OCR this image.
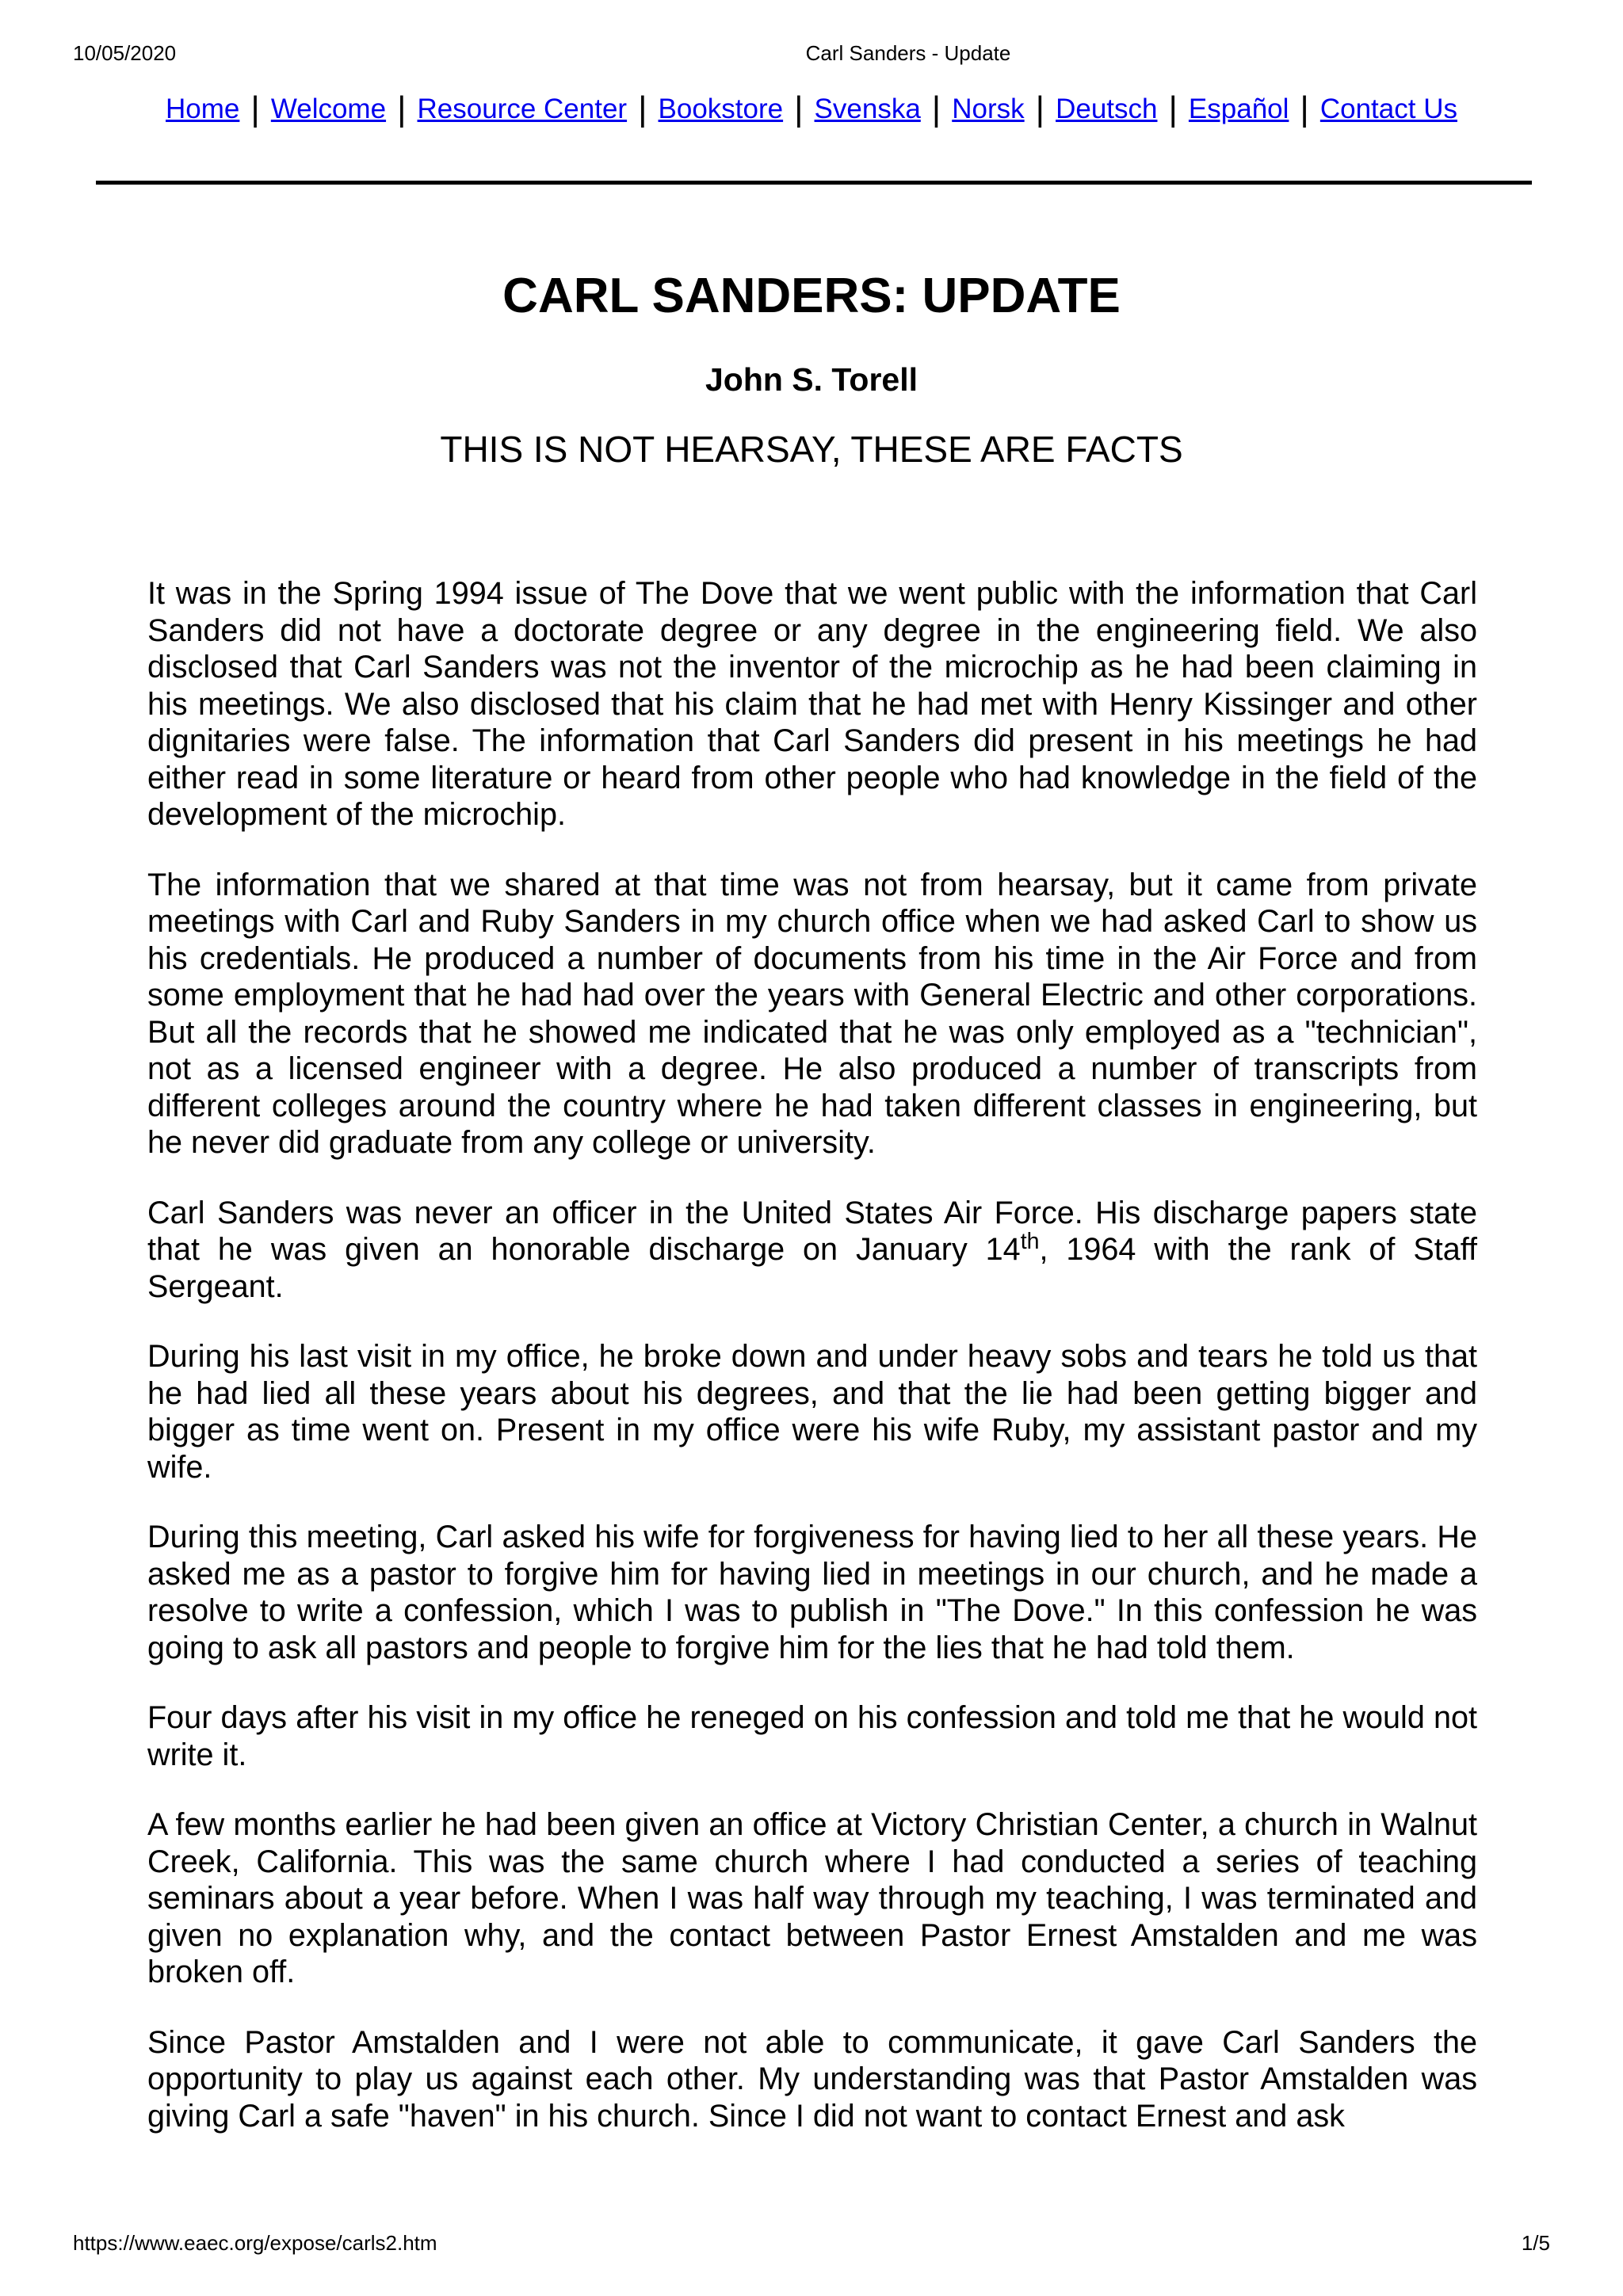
10/05/2020	Carl Sanders - Update
Home | Welcome | Resource Center | Bookstore | Svenska | Norsk | Deutsch | Español | Contact Us
CARL SANDERS: UPDATE
John S. Torell
THIS IS NOT HEARSAY, THESE ARE FACTS

It was in the Spring 1994 issue of The Dove that we went public with the information that Carl Sanders did not have a doctorate degree or any degree in the engineering field. We also disclosed that Carl Sanders was not the inventor of the microchip as he had been claiming in his meetings. We also disclosed that his claim that he had met with Henry Kissinger and other dignitaries were false. The information that Carl Sanders did present in his meetings he had either read in some literature or heard from other people who had knowledge in the field of the development of the microchip.

The information that we shared at that time was not from hearsay, but it came from private meetings with Carl and Ruby Sanders in my church office when we had asked Carl to show us his credentials. He produced a number of documents from his time in the Air Force and from some employment that he had had over the years with General Electric and other corporations. But all the records that he showed me indicated that he was only employed as a "technician", not as a licensed engineer with a degree. He also produced a number of transcripts from different colleges around the country where he had taken different classes in engineering, but he never did graduate from any college or university.

Carl Sanders was never an officer in the United States Air Force. His discharge papers state that he was given an honorable discharge on January 14th, 1964 with the rank of Staff Sergeant.

During his last visit in my office, he broke down and under heavy sobs and tears he told us that he had lied all these years about his degrees, and that the lie had been getting bigger and bigger as time went on. Present in my office were his wife Ruby, my assistant pastor and my wife.

During this meeting, Carl asked his wife for forgiveness for having lied to her all these years. He asked me as a pastor to forgive him for having lied in meetings in our church, and he made a resolve to write a confession, which I was to publish in "The Dove." In this confession he was going to ask all pastors and people to forgive him for the lies that he had told them.

Four days after his visit in my office he reneged on his confession and told me that he would not write it.

A few months earlier he had been given an office at Victory Christian Center, a church in Walnut Creek, California. This was the same church where I had conducted a series of teaching seminars about a year before. When I was half way through my teaching, I was terminated and given no explanation why, and the contact between Pastor Ernest Amstalden and me was broken off.

Since Pastor Amstalden and I were not able to communicate, it gave Carl Sanders the opportunity to play us against each other. My understanding was that Pastor Amstalden was giving Carl a safe "haven" in his church. Since I did not want to contact Ernest and ask

https://www.eaec.org/expose/carls2.htm	1/5
